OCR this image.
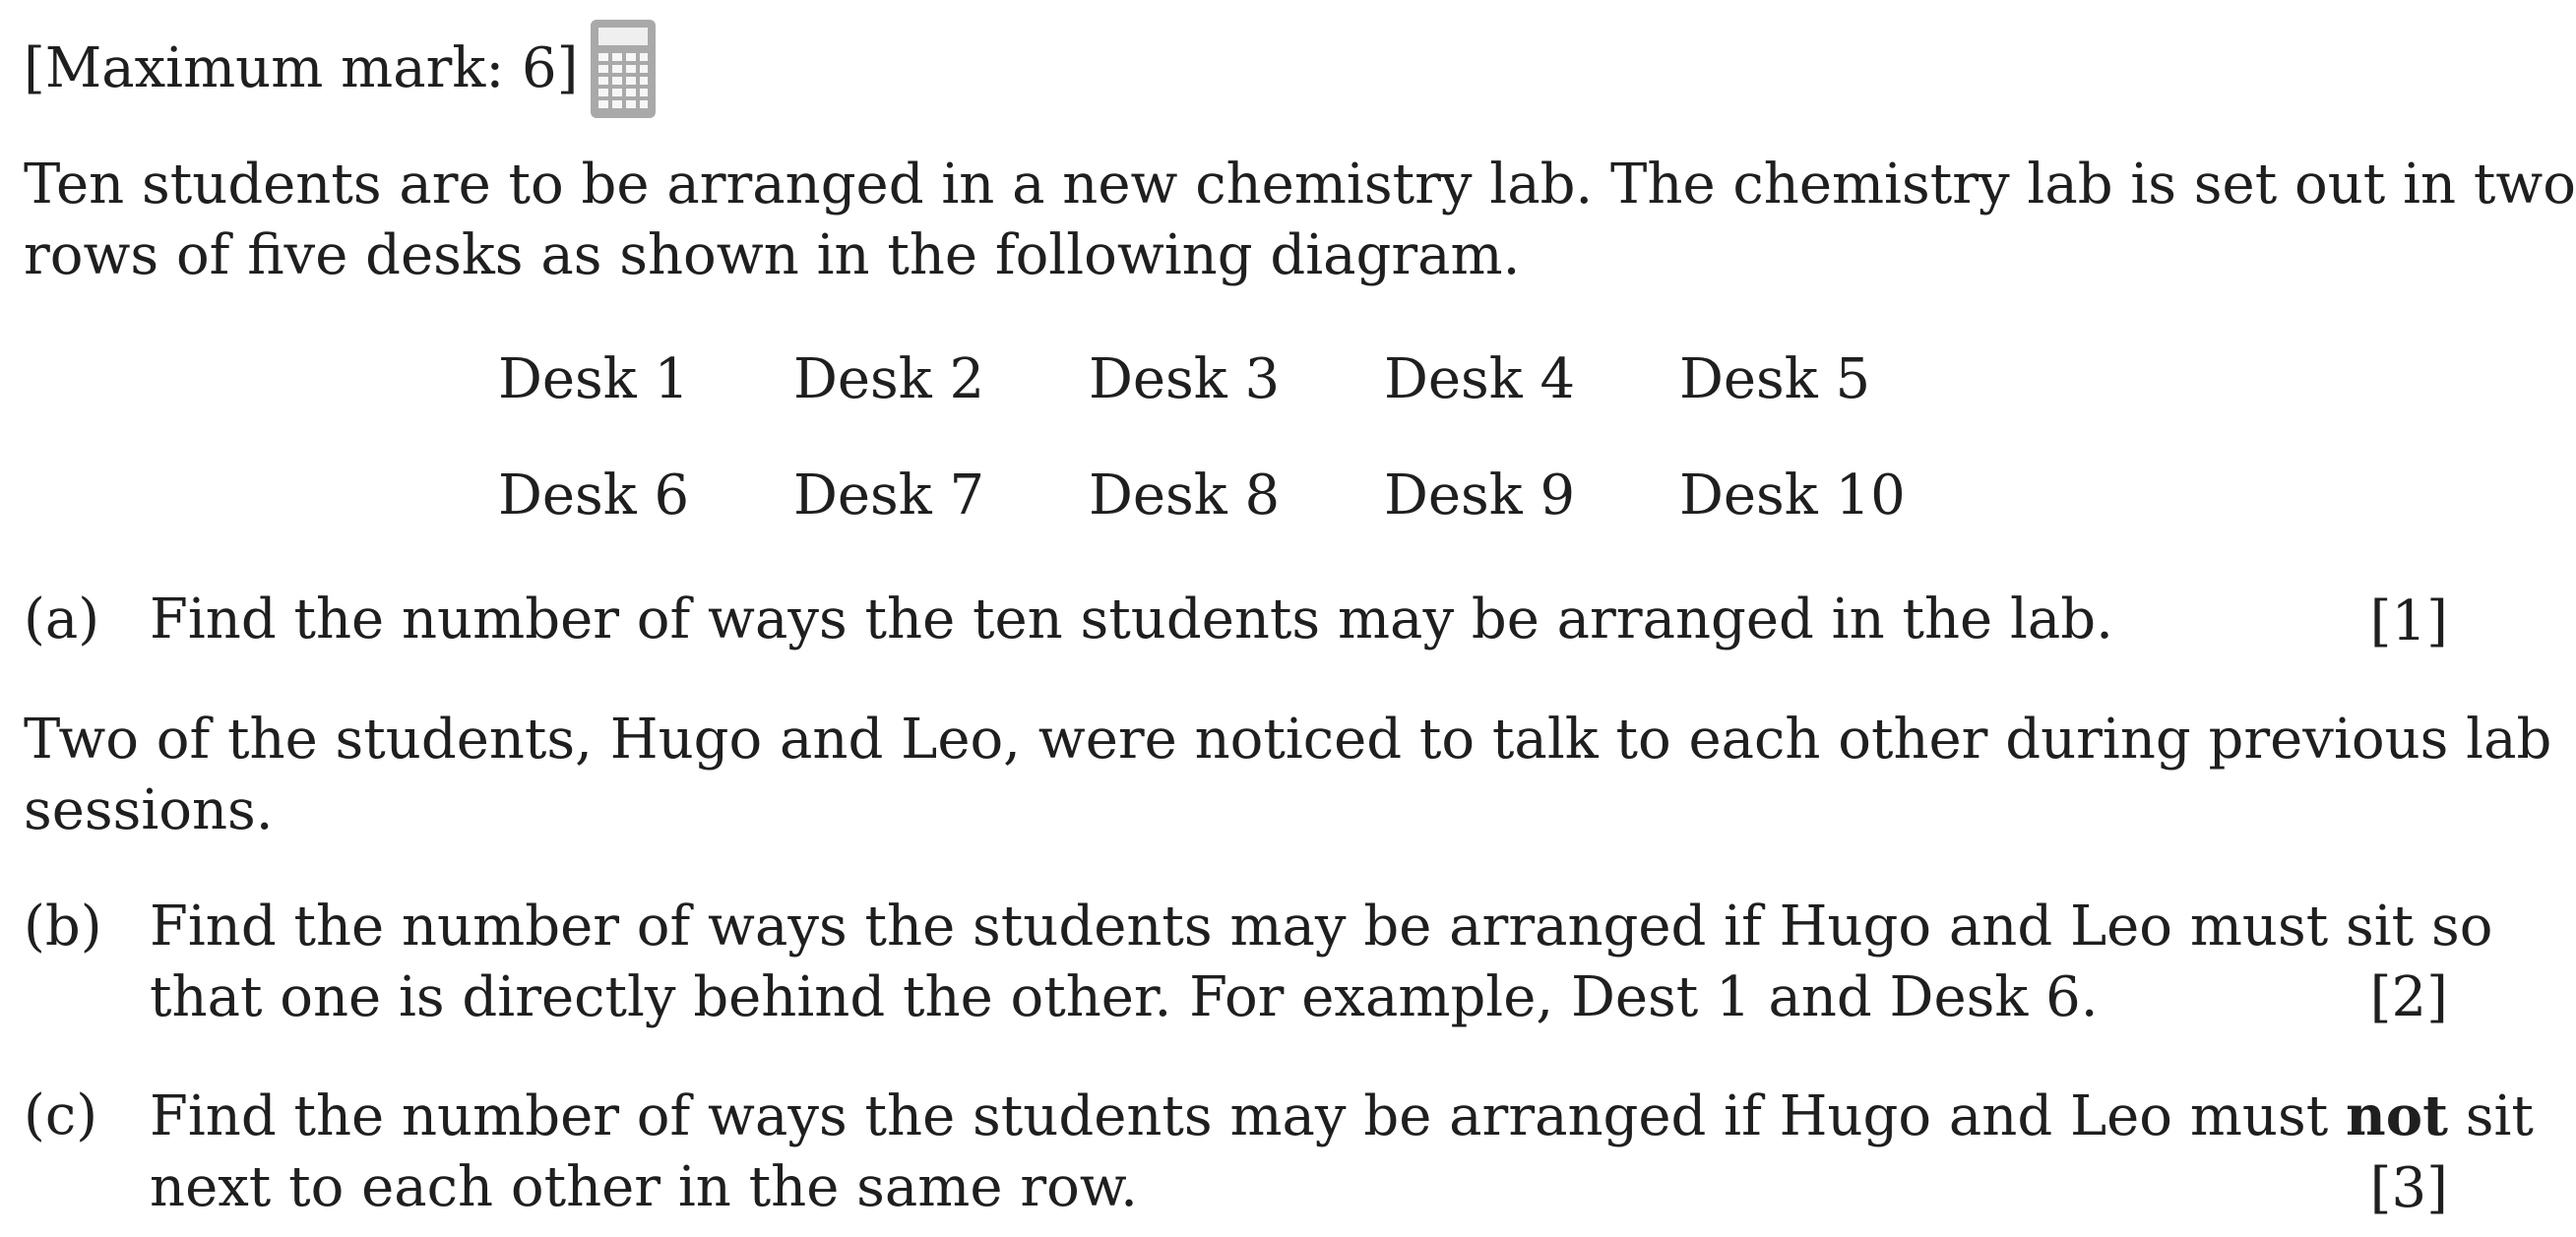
[Maximum mark: 6]
Ten students are to be arranged in a new chemistry lab. The chemistry lab is set out in two
rows of five desks as shown in the following diagram.
Desk 1 Desk 2 Desk 3 Desk 4 Desk 5
Desk 6 Desk 7 Desk 8 Desk 9 Desk 10
(a) Find the number of ways the ten students may be arranged in the lab.	[1]
Two of the students, Hugo and Leo, were noticed to talk to each other during previous lab
sessions.
(b) Find the number of ways the students may be arranged if Hugo and Leo must sit so
that one is directly behind the other. For example, Dest 1 and Desk 6.	[2]
(c) Find the number of ways the students may be arranged if Hugo and Leo must not sit
next to each other in the same row.	[3]
